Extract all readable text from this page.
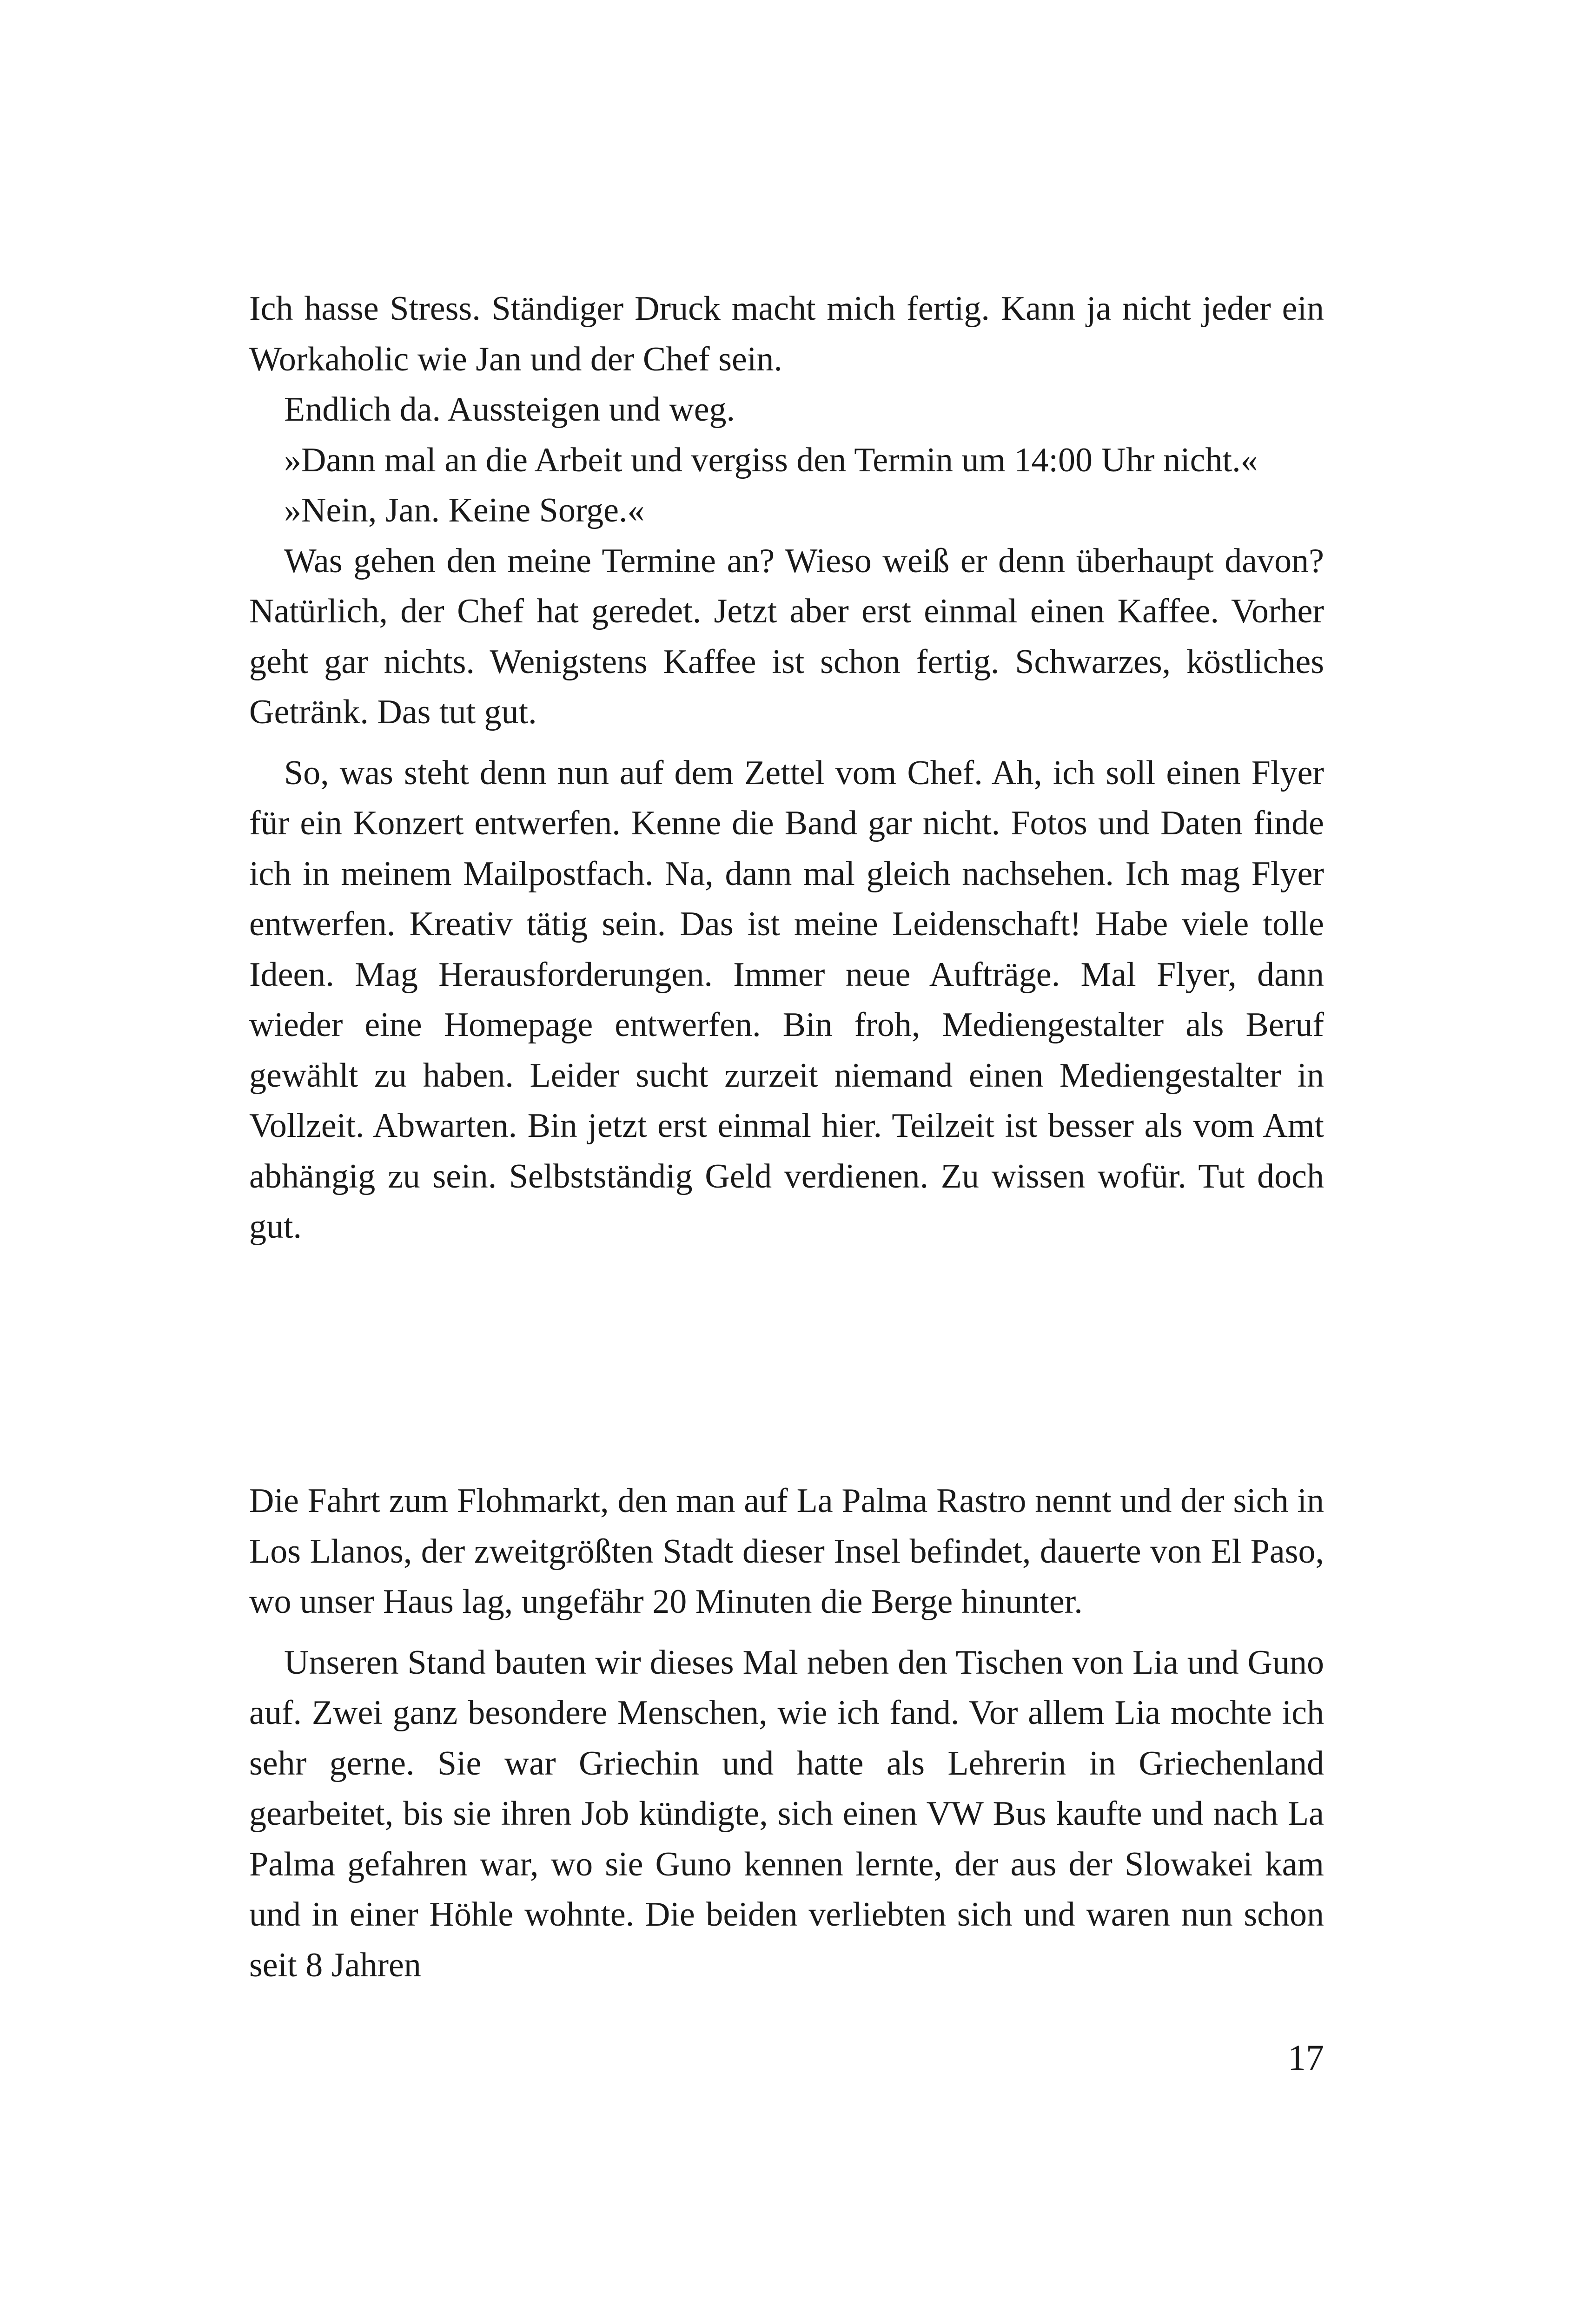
Ich hasse Stress. Ständiger Druck macht mich fertig. Kann ja nicht jeder ein Workaholic wie Jan und der Chef sein.

Endlich da. Aussteigen und weg.

»Dann mal an die Arbeit und vergiss den Termin um 14:00 Uhr nicht.«

»Nein, Jan. Keine Sorge.«

Was gehen den meine Termine an? Wieso weiß er denn überhaupt davon? Natürlich, der Chef hat geredet. Jetzt aber erst einmal einen Kaffee. Vorher geht gar nichts. Wenigstens Kaffee ist schon fertig. Schwarzes, köstliches Getränk. Das tut gut.

So, was steht denn nun auf dem Zettel vom Chef. Ah, ich soll einen Flyer für ein Konzert entwerfen. Kenne die Band gar nicht. Fotos und Daten finde ich in meinem Mailpostfach. Na, dann mal gleich nachsehen. Ich mag Flyer entwerfen. Kreativ tätig sein. Das ist meine Leidenschaft! Habe viele tolle Ideen. Mag Herausforderungen. Immer neue Aufträge. Mal Flyer, dann wieder eine Homepage entwerfen. Bin froh, Mediengestalter als Beruf gewählt zu haben. Leider sucht zurzeit niemand einen Mediengestalter in Vollzeit. Abwarten. Bin jetzt erst einmal hier. Teilzeit ist besser als vom Amt abhängig zu sein. Selbstständig Geld verdienen. Zu wissen wofür. Tut doch gut.

Die Fahrt zum Flohmarkt, den man auf La Palma Rastro nennt und der sich in Los Llanos, der zweitgrößten Stadt dieser Insel befindet, dauerte von El Paso, wo unser Haus lag, ungefähr 20 Minuten die Berge hinunter.

Unseren Stand bauten wir dieses Mal neben den Tischen von Lia und Guno auf. Zwei ganz besondere Menschen, wie ich fand. Vor allem Lia mochte ich sehr gerne. Sie war Griechin und hatte als Lehrerin in Griechenland gearbeitet, bis sie ihren Job kündigte, sich einen VW Bus kaufte und nach La Palma gefahren war, wo sie Guno kennen lernte, der aus der Slowakei kam und in einer Höhle wohnte. Die beiden verliebten sich und waren nun schon seit 8 Jahren

17
